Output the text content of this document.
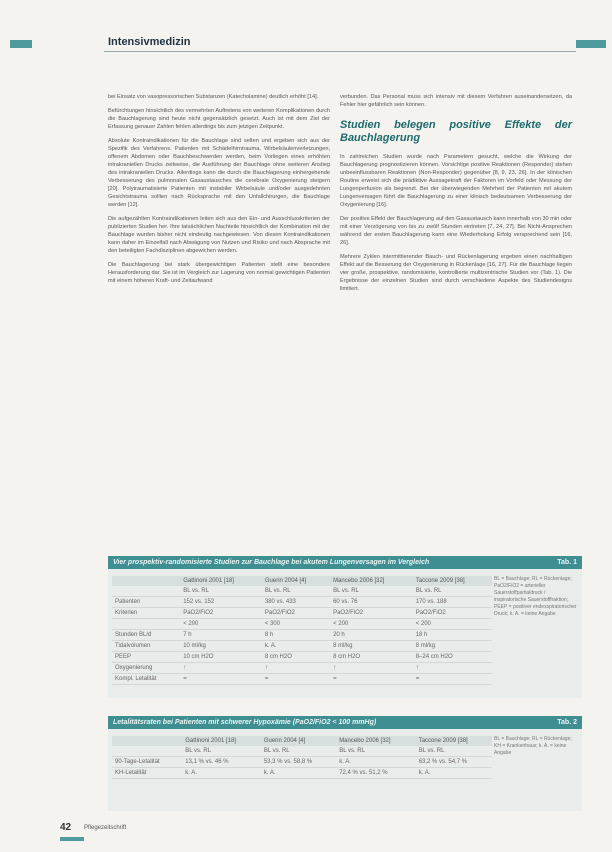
Intensivmedizin

bei Einsatz von vasopressorischen Substanzen (Katecholamine) deutlich erhöht [14].

Befürchtungen hinsichtlich des vermehrten Auftretens von weiteren Komplikationen durch die Bauchlagerung sind heute nicht gegensätzlich gesetzt. Auch ist mit dem Ziel der Erfassung genauer Zahlen fehlen allerdings bis zum jetzigen Zeitpunkt.

Absolute Kontraindikationen für die Bauchlage sind selten und ergeben sich aus der Spezifik des Verfahrens. Patienten mit Schädelhirntrauma, Wirbelsäulenverletzungen, offenem Abdomen oder Bauchbeschwerden werden, beim Vorliegen eines erhöhten intrakraniellen Drucks zeitweise, die Ausführung der Bauchlage ohne weiteren Anstieg des intrakraniellen Drucks. Allerdings kann die durch die Bauchlagerung einhergehende Verbesserung des pulmonalen Gasaustausches die cerebrale Oxygenierung steigern [20]. Polytraumatisierte Patienten mit instabiler Wirbelsäule und/oder ausgedehnten Gesichtstrauma sollten nach Rücksprache mit den Unfallchirurgen, die Bauchlage werden [12].

Die aufgezählten Kontraindikationen leiten sich aus den Ein- und Ausschlusskriterien der publizierten Studien her. Ihre tatsächlichen Nachteile hinsichtlich der Kombination mit der Bauchlage wurden bisher nicht eindeutig nachgewiesen. Von diesen Kontraindikationen kann daher im Einzelfall nach Abwägung von Nutzen und Risiko und nach Absprache mit den beteiligten Fachdisziplinen abgewichen werden.

Die Bauchlagerung bei stark übergewichtigen Patienten stellt eine besondere Herausforderung dar. Sie ist im Vergleich zur Lagerung von normal gewichtigen Patienten mit einem höheren Kraft- und Zeitaufwand

verbunden. Das Personal muss sich intensiv mit diesem Verfahren auseinandersetzen, da Fehler hier gefährlich sein können.

Studien belegen positive Effekte der Bauchlagerung

In zahlreichen Studien wurde nach Parametern gesucht, welche die Wirkung der Bauchlagerung prognostizieren können. Vorsichtige positive Reaktionen (Responder) stehen unbeeinflussbaren Reaktionen (Non-Responder) gegenüber [8, 9, 23, 26]. In der klinischen Routine erweist sich die prädiktive Aussagekraft der Faktoren im Vorfeld oder Messung der Lungenperfusion als begrenzt. Bei der überwiegenden Mehrheit der Patienten mit akutem Lungenversagen führt die Bauchlagerung zu einer klinisch bedeutsamen Verbesserung der Oxygenierung [16].

Der positive Effekt der Bauchlagerung auf den Gasaustausch kann innerhalb von 30 min oder mit einer Verzögerung von bis zu zwölf Stunden eintreten [7, 24, 27]. Bei Nicht-Ansprechen während der ersten Bauchlagerung kann eine Wiederholung Erfolg versprechend sein [16, 26].

Mehrere Zyklen intermittierender Bauch- und Rückenlagerung ergeben einen nachhaltigen Effekt auf die Besserung der Oxygenierung in Rückenlage [16, 27]. Für die Bauchlage liegen vier große, prospektive, randomisierte, kontrollierte multizentrische Studien vor (Tab. 1). Die Ergebnisse der einzelnen Studien sind durch verschiedene Aspekte des Studiendesigns limitiert.

Vier prospektiv-randomisierte Studien zur Bauchlage bei akutem Lungenversagen im Vergleich	Tab. 1
	Gattinoni 2001 [18]	Guerin 2004 [4]	Mancebo 2006 [32]	Taccone 2009 [38]
	BL vs. RL	BL vs. RL	BL vs. RL	BL vs. RL
Patienten	152 vs. 152	380 vs. 433	60 vs. 76	170 vs. 188
Kriterien	PaO2/FiO2	PaO2/FiO2	PaO2/FiO2	PaO2/FiO2
	< 200	< 300	< 200	< 200
Stunden BL/d	7 h	8 h	20 h	18 h
Tidalvolumen	10 ml/kg	k. A.	8 ml/kg	8 ml/kg
PEEP	10 cm H2O	8 cm H2O	8 cm H2O	8–24 cm H2O
Oxygenierung	↑	↑	↑	↑
Kompl. Letalität	=	=	=	=
BL = Bauchlage; RL = Rückenlage; PaO2/FiO2 = arterieller Sauerstoffpartialdruck / inspiratorische Sauerstofffraktion; PEEP = positiver endexspiratorischer Druck; k. A. = keine Angabe
Letalitätsraten bei Patienten mit schwerer Hypoxämie (PaO2/FiO2 < 100 mmHg)	Tab. 2
	Gattinoni 2001 [18]	Guerin 2004 [4]	Mancebo 2006 [32]	Taccone 2009 [38]
	BL vs. RL	BL vs. RL	BL vs. RL	BL vs. RL
90-Tage-Letalität	13,1 % vs. 46 %	53,3 % vs. 58,8 %	k. A.	63,2 % vs. 54,7 %
KH-Letalität	k. A.	k. A.	72,4 % vs. 51,2 %	k. A.
BL = Bauchlage; RL = Rückenlage; KH = Krankenhaus; k. A. = keine Angabe
42 Pflegezeitschrift
